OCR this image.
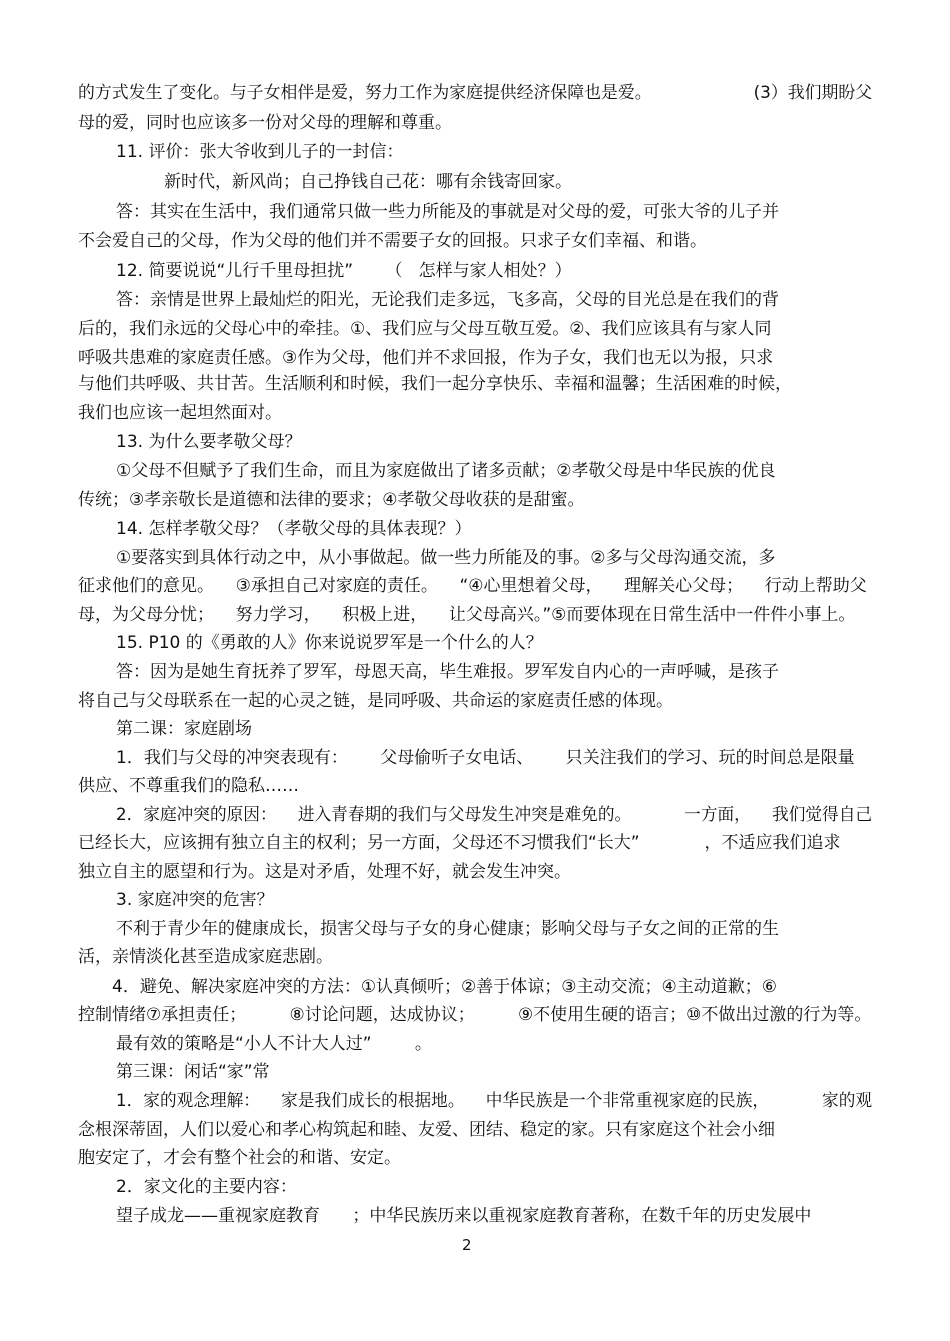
的方式发生了变化。与子女相伴是爱，努力工作为家庭提供经济保障也是爱。                   (3）我们期盼父
母的爱，同时也应该多一份对父母的理解和尊重。
11. 评价：张大爷收到儿子的一封信：
新时代，新风尚；自己挣钱自己花：哪有余钱寄回家。
答：其实在生活中，我们通常只做一些力所能及的事就是对父母的爱，可张大爷的儿子并
不会爱自己的父母，作为父母的他们并不需要子女的回报。只求子女们幸福、和谐。
12. 简要说说“儿行千里母担扰”      （   怎样与家人相处？）
答：亲情是世界上最灿烂的阳光，无论我们走多远，飞多高，父母的目光总是在我们的背
后的，我们永远的父母心中的牵挂。①、我们应与父母互敬互爱。②、我们应该具有与家人同
呼吸共患难的家庭责任感。③作为父母，他们并不求回报，作为子女，我们也无以为报，只求
与他们共呼吸、共甘苦。生活顺利和时候，我们一起分享快乐、幸福和温馨；生活困难的时候，
我们也应该一起坦然面对。
13. 为什么要孝敬父母？
①父母不但赋予了我们生命，而且为家庭做出了诸多贡献；②孝敬父母是中华民族的优良
传统；③孝亲敬长是道德和法律的要求；④孝敬父母收获的是甜蜜。
14. 怎样孝敬父母？（孝敬父母的具体表现？）
①要落实到具体行动之中，从小事做起。做一些力所能及的事。②多与父母沟通交流，多
征求他们的意见。    ③承担自己对家庭的责任。    “④心里想着父母，    理解关心父母；    行动上帮助父
母，为父母分忧；    努力学习，    积极上进，    让父母高兴。”⑤而要体现在日常生活中一件件小事上。
15. P10 的《勇敢的人》你来说说罗军是一个什么的人？
答：因为是她生育抚养了罗军，母恩天高，毕生难报。罗军发自内心的一声呼喊，是孩子
将自己与父母联系在一起的心灵之链，是同呼吸、共命运的家庭责任感的体现。
第二课：家庭剧场
1．我们与父母的冲突表现有：      父母偷听子女电话、      只关注我们的学习、玩的时间总是限量
供应、不尊重我们的隐私……
2．家庭冲突的原因：    进入青春期的我们与父母发生冲突是难免的。          一方面，    我们觉得自己
已经长大，应该拥有独立自主的权利；另一方面，父母还不习惯我们“长大”            ，不适应我们追求
独立自主的愿望和行为。这是对矛盾，处理不好，就会发生冲突。
3. 家庭冲突的危害？
不利于青少年的健康成长，损害父母与子女的身心健康；影响父母与子女之间的正常的生
活，亲情淡化甚至造成家庭悲剧。
4．避免、解决家庭冲突的方法：①认真倾听；②善于体谅；③主动交流；④主动道歉；⑥
控制情绪⑦承担责任；        ⑧讨论问题，达成协议；        ⑨不使用生硬的语言；⑩不做出过激的行为等。
最有效的策略是“小人不计大人过”        。
第三课：闲话“家”常
1．家的观念理解：    家是我们成长的根据地。    中华民族是一个非常重视家庭的民族，          家的观
念根深蒂固，人们以爱心和孝心构筑起和睦、友爱、团结、稳定的家。只有家庭这个社会小细
胞安定了，才会有整个社会的和谐、安定。
2．家文化的主要内容：
望子成龙——重视家庭教育      ；中华民族历来以重视家庭教育著称，在数千年的历史发展中
2
